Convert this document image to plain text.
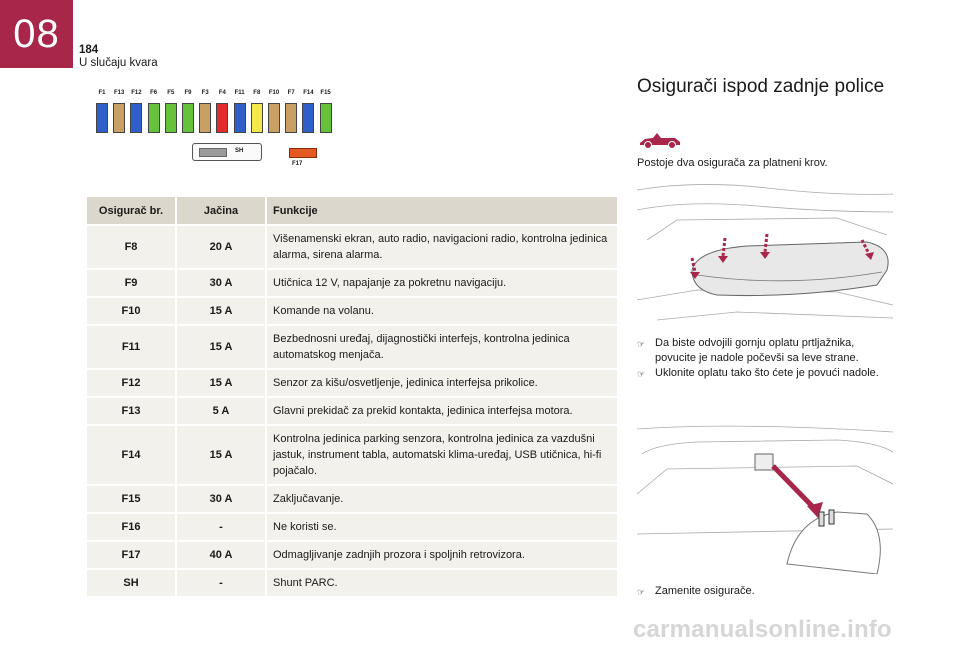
08	184
U slučaju kvara
SH
F17
F1	F13	F12	F6	F5	F9	F3	F4	F11	F8	F10	F7	F14	F15
Osigurač br.	Jačina	Funkcije
F8	20 A	Višenamenski ekran, auto radio, navigacioni radio, kontrolna jedinica alarma, sirena alarma.
F9	30 A	Utičnica 12 V, napajanje za pokretnu navigaciju.
F10	15 A	Komande na volanu.
F11	15 A	Bezbednosni uređaj, dijagnostički interfejs, kontrolna jedinica automatskog menjača.
F12	15 A	Senzor za kišu/osvetljenje, jedinica interfejsa prikolice.
F13	5 A	Glavni prekidač za prekid kontakta, jedinica interfejsa motora.
F14	15 A	Kontrolna jedinica parking senzora, kontrolna jedinica za vazdušni jastuk, instrument tabla, automatski klima-uređaj, USB utičnica, hi-fi pojačalo.
F15	30 A	Zaključavanje.
F16	-	Ne koristi se.
F17	40 A	Odmagljivanje zadnjih prozora i spoljnih retrovizora.
SH	-	Shunt PARC.
Osigurači ispod zadnje police
Postoje dva osigurača za platneni krov.
☞ Da biste odvojili gornju oplatu prtljažnika, povucite je nadole počevši sa leve strane.
☞ Uklonite oplatu tako što ćete je povući nadole.
☞ Zamenite osigurače.
carmanualsonline.info
